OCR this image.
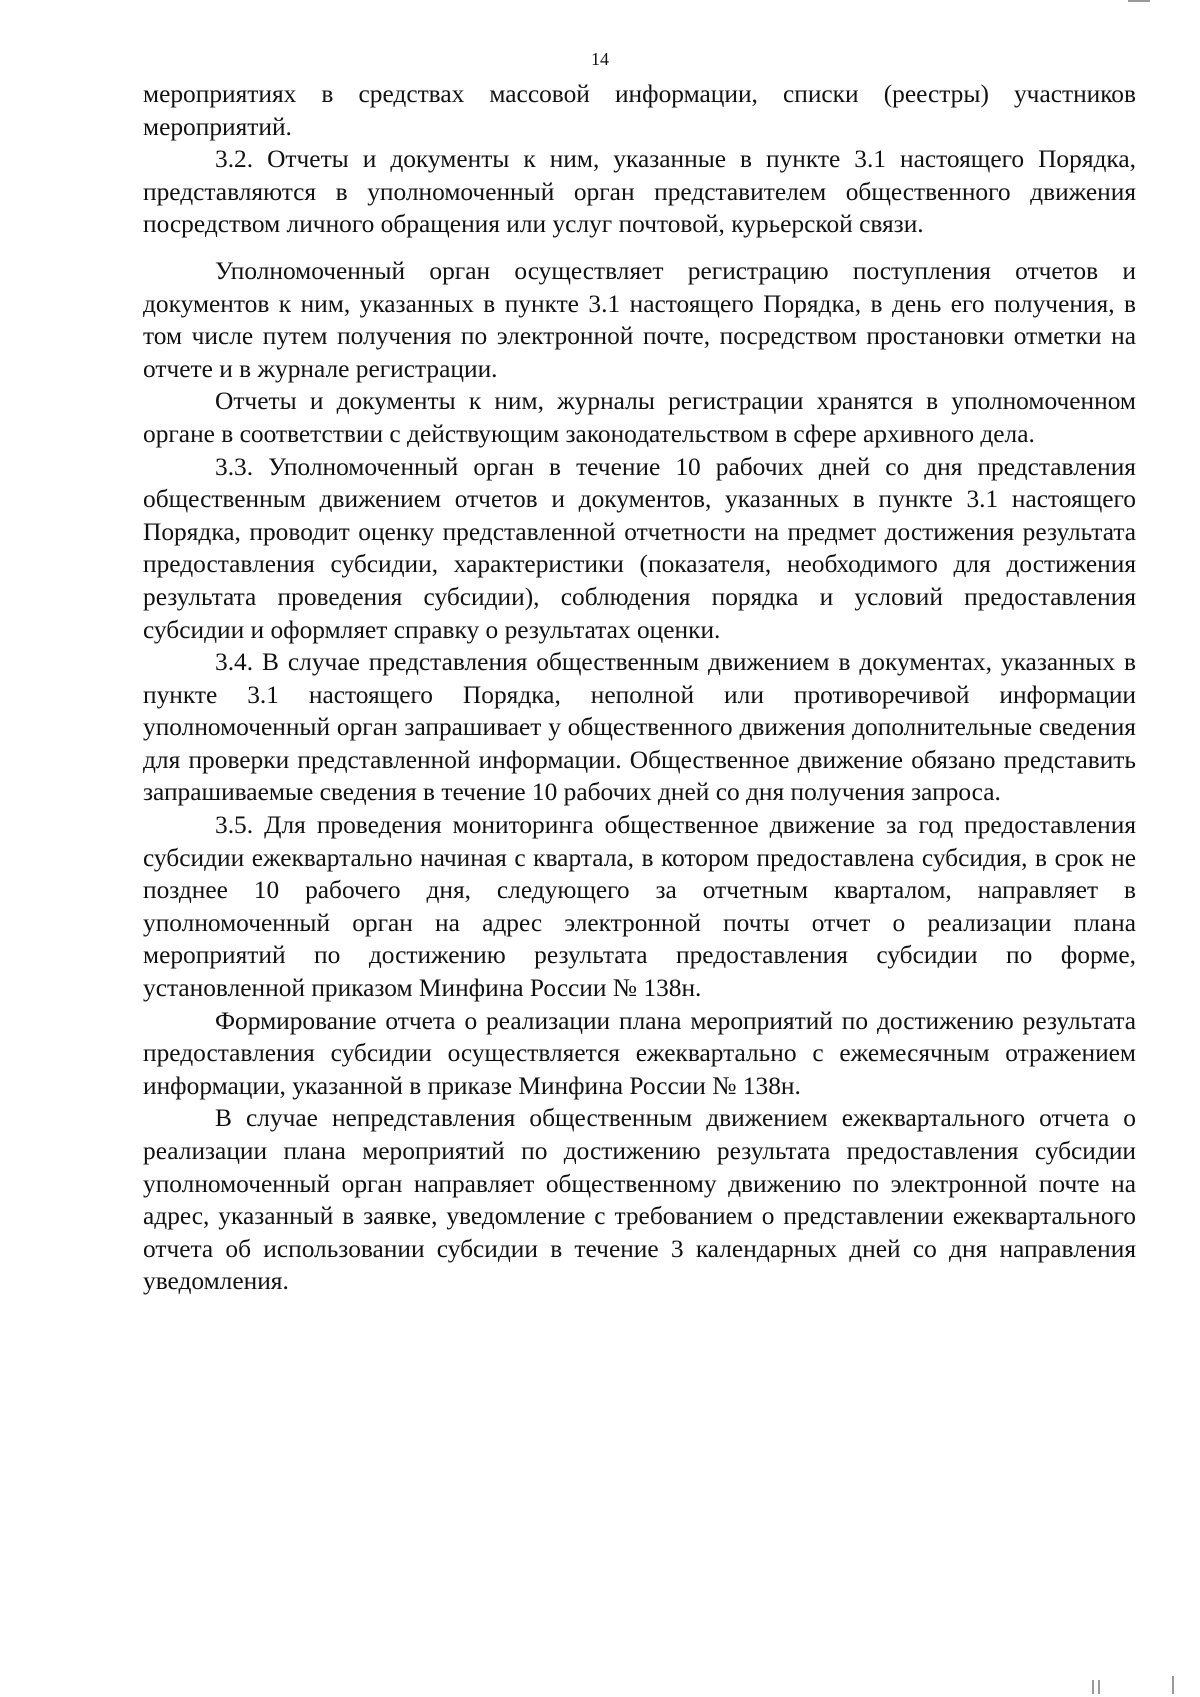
14

мероприятиях в средствах массовой информации, списки (реестры) участников мероприятий.

3.2. Отчеты и документы к ним, указанные в пункте 3.1 настоящего Порядка, представляются в уполномоченный орган представителем общественного движения посредством личного обращения или услуг почтовой, курьерской связи.

Уполномоченный орган осуществляет регистрацию поступления отчетов и документов к ним, указанных в пункте 3.1 настоящего Порядка, в день его получения, в том числе путем получения по электронной почте, посредством простановки отметки на отчете и в журнале регистрации.

Отчеты и документы к ним, журналы регистрации хранятся в уполномоченном органе в соответствии с действующим законодательством в сфере архивного дела.

3.3. Уполномоченный орган в течение 10 рабочих дней со дня представления общественным движением отчетов и документов, указанных в пункте 3.1 настоящего Порядка, проводит оценку представленной отчетности на предмет достижения результата предоставления субсидии, характеристики (показателя, необходимого для достижения результата проведения субсидии), соблюдения порядка и условий предоставления субсидии и оформляет справку о результатах оценки.

3.4. В случае представления общественным движением в документах, указанных в пункте 3.1 настоящего Порядка, неполной или противоречивой информации уполномоченный орган запрашивает у общественного движения дополнительные сведения для проверки представленной информации. Общественное движение обязано представить запрашиваемые сведения в течение 10 рабочих дней со дня получения запроса.

3.5. Для проведения мониторинга общественное движение за год предоставления субсидии ежеквартально начиная с квартала, в котором предоставлена субсидия, в срок не позднее 10 рабочего дня, следующего за отчетным кварталом, направляет в уполномоченный орган на адрес электронной почты отчет о реализации плана мероприятий по достижению результата предоставления субсидии по форме, установленной приказом Минфина России № 138н.

Формирование отчета о реализации плана мероприятий по достижению результата предоставления субсидии осуществляется ежеквартально с ежемесячным отражением информации, указанной в приказе Минфина России № 138н.

В случае непредставления общественным движением ежеквартального отчета о реализации плана мероприятий по достижению результата предоставления субсидии уполномоченный орган направляет общественному движению по электронной почте на адрес, указанный в заявке, уведомление с требованием о представлении ежеквартального отчета об использовании субсидии в течение 3 календарных дней со дня направления уведомления.
